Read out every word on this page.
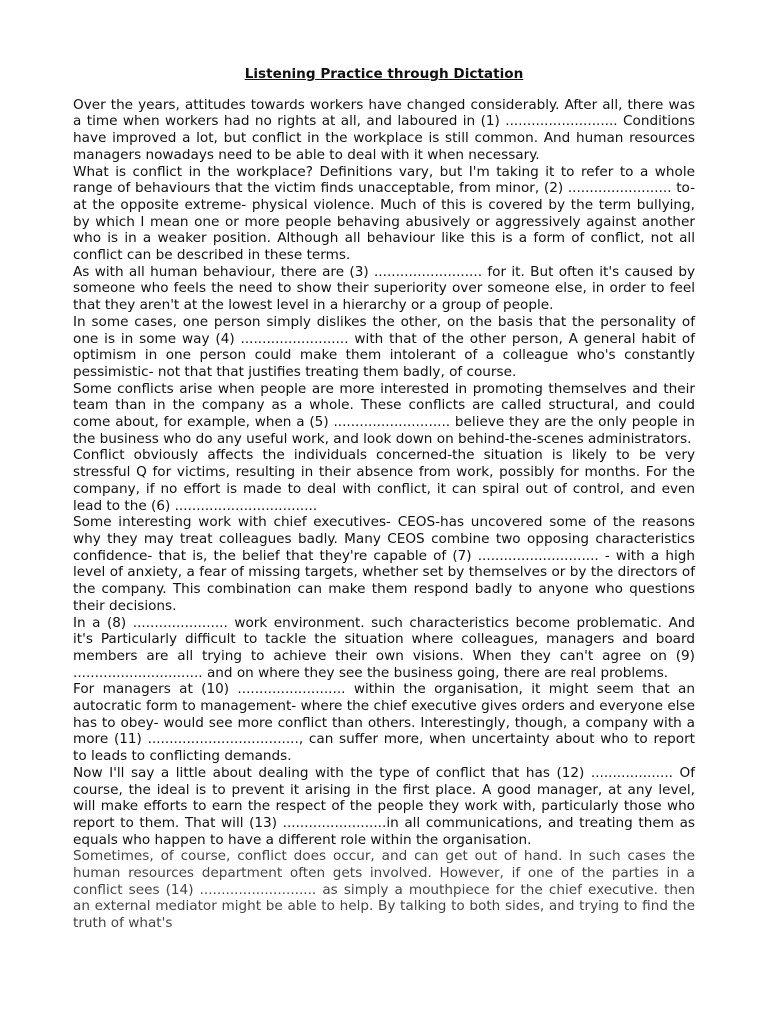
Listening Practice through Dictation

Over the years, attitudes towards workers have changed considerably. After all, there was a time when workers had no rights at all, and laboured in (1) .......................... Conditions have improved a lot, but conflict in the workplace is still common. And human resources managers nowadays need to be able to deal with it when necessary.

What is conflict in the workplace? Definitions vary, but I'm taking it to refer to a whole range of behaviours that the victim finds unacceptable, from minor, (2) ........................ to-at the opposite extreme- physical violence. Much of this is covered by the term bullying, by which I mean one or more people behaving abusively or aggressively against another who is in a weaker position. Although all behaviour like this is a form of conflict, not all conflict can be described in these terms.

As with all human behaviour, there are (3) ......................... for it. But often it's caused by someone who feels the need to show their superiority over someone else, in order to feel that they aren't at the lowest level in a hierarchy or a group of people.

In some cases, one person simply dislikes the other, on the basis that the personality of one is in some way (4) ......................... with that of the other person, A general habit of optimism in one person could make them intolerant of a colleague who's constantly pessimistic- not that that justifies treating them badly, of course.

Some conflicts arise when people are more interested in promoting themselves and their team than in the company as a whole. These conflicts are called structural, and could come about, for example, when a (5) ........................... believe they are the only people in the business who do any useful work, and look down on behind-the-scenes administrators.

Conflict obviously affects the individuals concerned-the situation is likely to be very stressful Q for victims, resulting in their absence from work, possibly for months. For the company, if no effort is made to deal with conflict, it can spiral out of control, and even lead to the (6) .................................

Some interesting work with chief executives- CEOS-has uncovered some of the reasons why they may treat colleagues badly. Many CEOS combine two opposing characteristics confidence- that is, the belief that they're capable of (7) ............................ - with a high level of anxiety, a fear of missing targets, whether set by themselves or by the directors of the company. This combination can make them respond badly to anyone who questions their decisions.

In a (8) ...................... work environment. such characteristics become problematic. And it's Particularly difficult to tackle the situation where colleagues, managers and board members are all trying to achieve their own visions. When they can't agree on (9) .............................. and on where they see the business going, there are real problems.

For managers at (10) ......................... within the organisation, it might seem that an autocratic form to management- where the chief executive gives orders and everyone else has to obey- would see more conflict than others. Interestingly, though, a company with a more (11) ..................................., can suffer more, when uncertainty about who to report to leads to conflicting demands.

Now I'll say a little about dealing with the type of conflict that has (12) ................... Of course, the ideal is to prevent it arising in the first place. A good manager, at any level, will make efforts to earn the respect of the people they work with, particularly those who report to them. That will (13) ........................in all communications, and treating them as equals who happen to have a different role within the organisation.

Sometimes, of course, conflict does occur, and can get out of hand. In such cases the human resources department often gets involved. However, if one of the parties in a conflict sees (14) ........................... as simply a mouthpiece for the chief executive. then an external mediator might be able to help. By talking to both sides, and trying to find the truth of what's
